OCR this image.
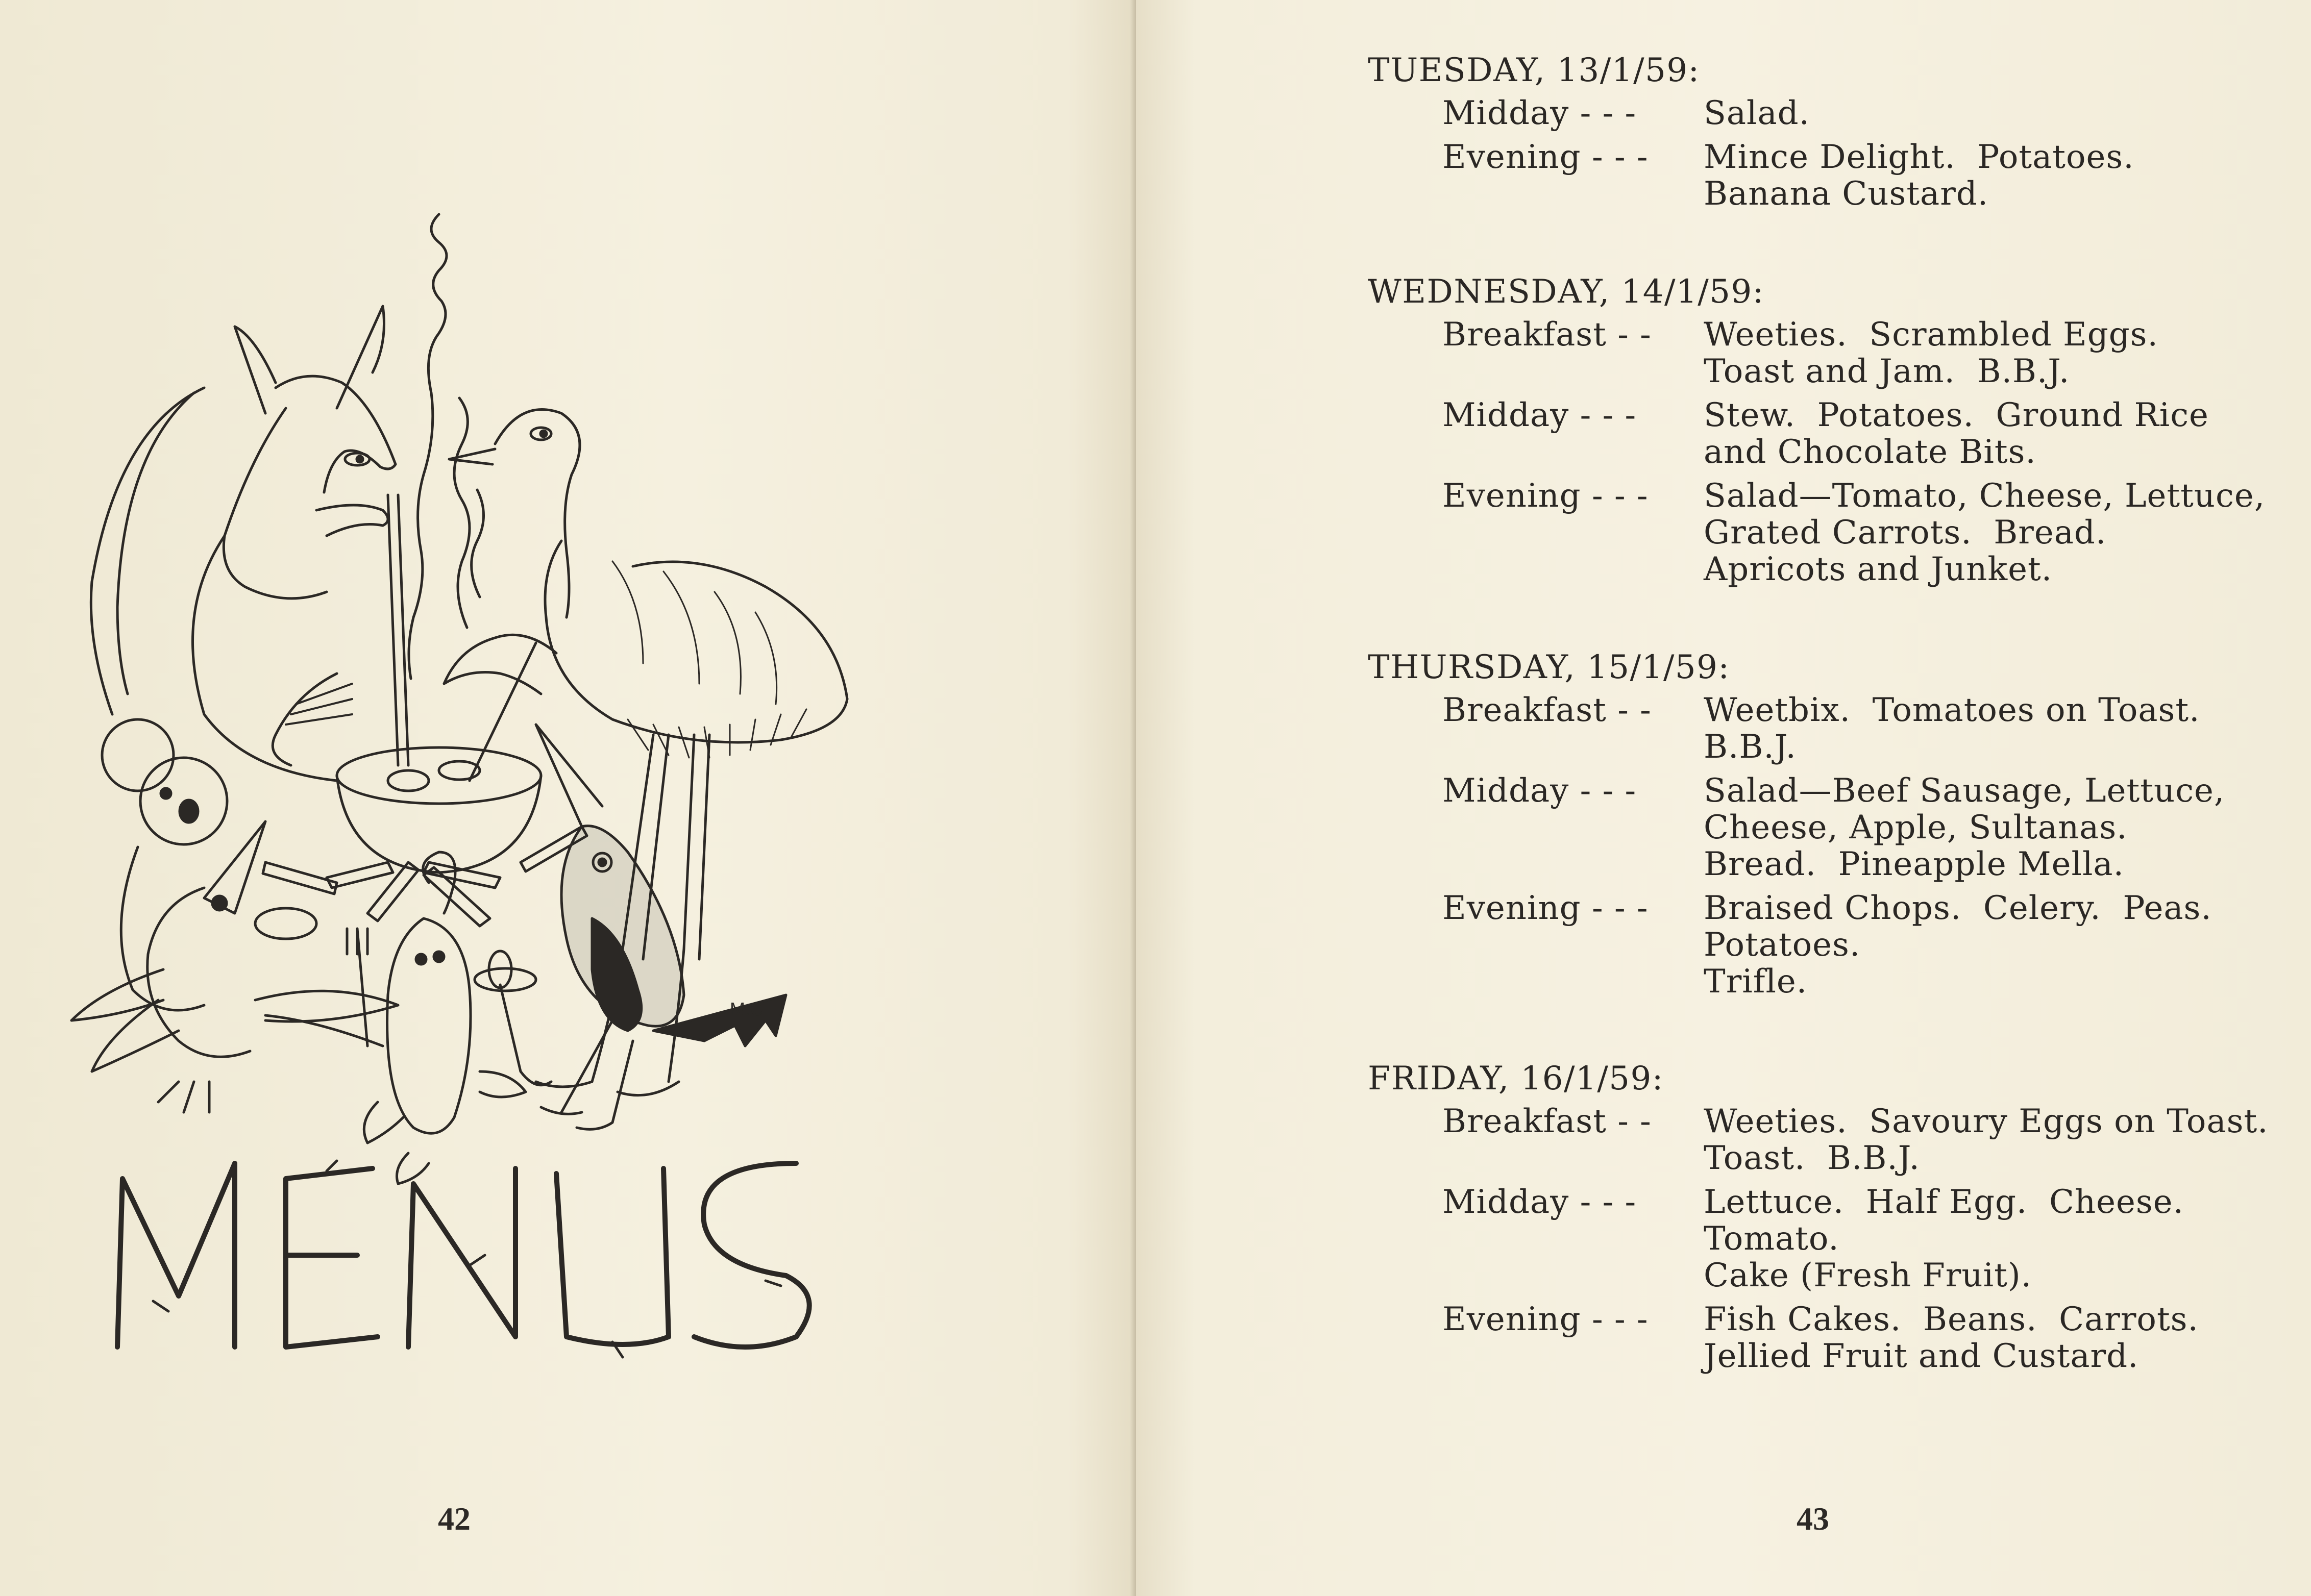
M.C
MENUS
42
TUESDAY, 13/1/59:
Midday - - - Salad.
Evening - - - Mince Delight.  Potatoes.
Banana Custard.
WEDNESDAY, 14/1/59:
Breakfast - - Weeties.  Scrambled Eggs.
Toast and Jam.  B.B.J.
Midday - - - Stew.  Potatoes.  Ground Rice
and Chocolate Bits.
Evening - - - Salad—Tomato, Cheese, Lettuce,
Grated Carrots.  Bread.
Apricots and Junket.
THURSDAY, 15/1/59:
Breakfast - - Weetbix.  Tomatoes on Toast.
B.B.J.
Midday - - - Salad—Beef Sausage, Lettuce,
Cheese, Apple, Sultanas.
Bread.  Pineapple Mella.
Evening - - - Braised Chops.  Celery.  Peas.
Potatoes.
Trifle.
FRIDAY, 16/1/59:
Breakfast - - Weeties.  Savoury Eggs on Toast.
Toast.  B.B.J.
Midday - - - Lettuce.  Half Egg.  Cheese.
Tomato.
Cake (Fresh Fruit).
Evening - - - Fish Cakes.  Beans.  Carrots.
Jellied Fruit and Custard.
43
